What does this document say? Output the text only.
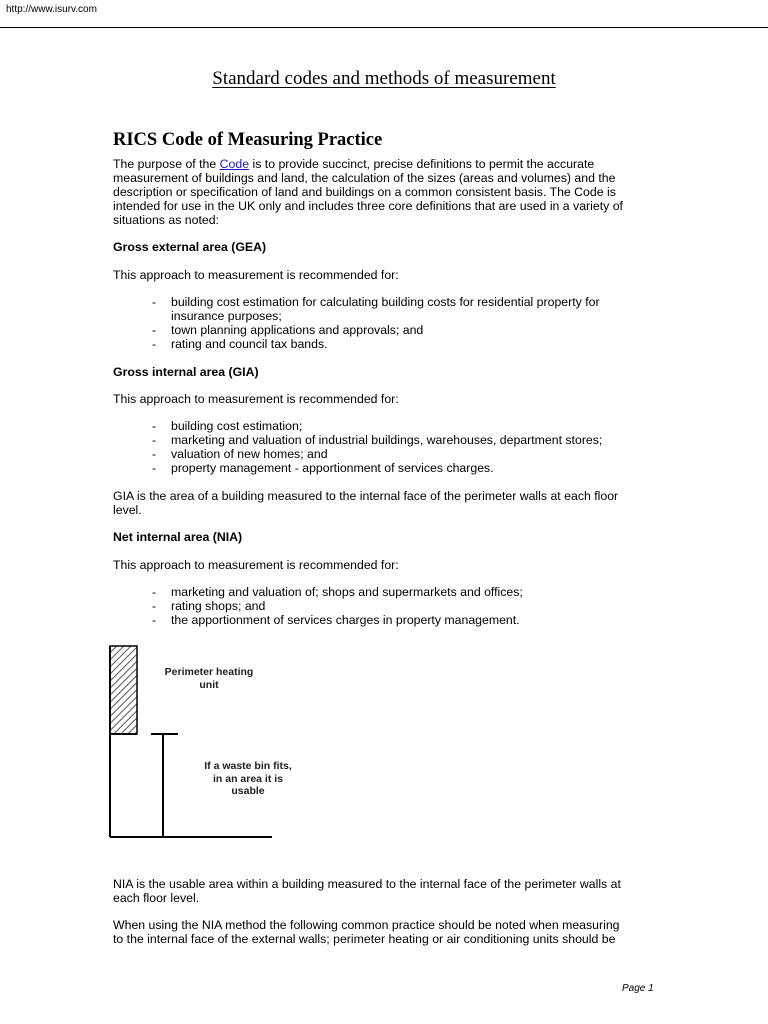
http://www.isurv.com
Standard codes and methods of measurement
RICS Code of Measuring Practice
The purpose of the Code is to provide succinct, precise definitions to permit the accurate
measurement of buildings and land, the calculation of the sizes (areas and volumes) and the
description or specification of land and buildings on a common consistent basis. The Code is
intended for use in the UK only and includes three core definitions that are used in a variety of
situations as noted:
Gross external area (GEA)
This approach to measurement is recommended for:
- building cost estimation for calculating building costs for residential property for
insurance purposes;
- town planning applications and approvals; and
- rating and council tax bands.
Gross internal area (GIA)
This approach to measurement is recommended for:
- building cost estimation;
- marketing and valuation of industrial buildings, warehouses, department stores;
- valuation of new homes; and
- property management - apportionment of services charges.
GIA is the area of a building measured to the internal face of the perimeter walls at each floor
level.
Net internal area (NIA)
This approach to measurement is recommended for:
- marketing and valuation of; shops and supermarkets and offices;
- rating shops; and
- the apportionment of services charges in property management.
Perimeter heating
unit
If a waste bin fits,
in an area it is
usable
NIA is the usable area within a building measured to the internal face of the perimeter walls at
each floor level.
When using the NIA method the following common practice should be noted when measuring
to the internal face of the external walls; perimeter heating or air conditioning units should be
Page 1
